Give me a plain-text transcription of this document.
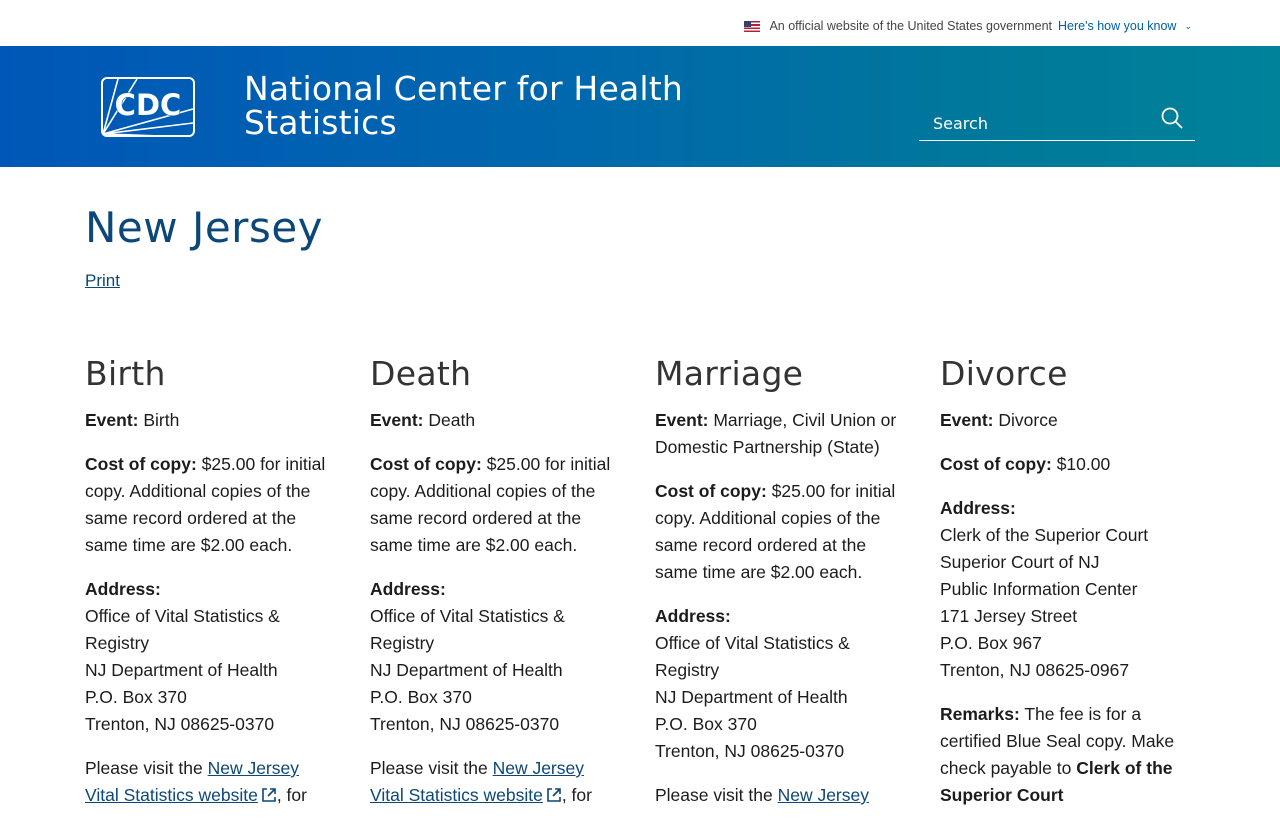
An official website of the United States government Here's how you know ⌄
CDC National Center for Health Statistics
Search
New Jersey
Print
Birth

Event: Birth

Cost of copy: $25.00 for initial copy. Additional copies of the same record ordered at the same time are $2.00 each.

Address:
Office of Vital Statistics & Registry
NJ Department of Health
P.O. Box 370
Trenton, NJ 08625-0370

Please visit the New Jersey Vital Statistics website , for

Death

Event: Death

Cost of copy: $25.00 for initial copy. Additional copies of the same record ordered at the same time are $2.00 each.

Address:
Office of Vital Statistics & Registry
NJ Department of Health
P.O. Box 370
Trenton, NJ 08625-0370

Please visit the New Jersey Vital Statistics website , for

Marriage

Event: Marriage, Civil Union or Domestic Partnership (State)

Cost of copy: $25.00 for initial copy. Additional copies of the same record ordered at the same time are $2.00 each.

Address:
Office of Vital Statistics & Registry
NJ Department of Health
P.O. Box 370
Trenton, NJ 08625-0370

Please visit the New Jersey

Divorce

Event: Divorce

Cost of copy: $10.00

Address:
Clerk of the Superior Court
Superior Court of NJ
Public Information Center
171 Jersey Street
P.O. Box 967
Trenton, NJ 08625-0967

Remarks: The fee is for a certified Blue Seal copy. Make check payable to Clerk of the Superior Court
